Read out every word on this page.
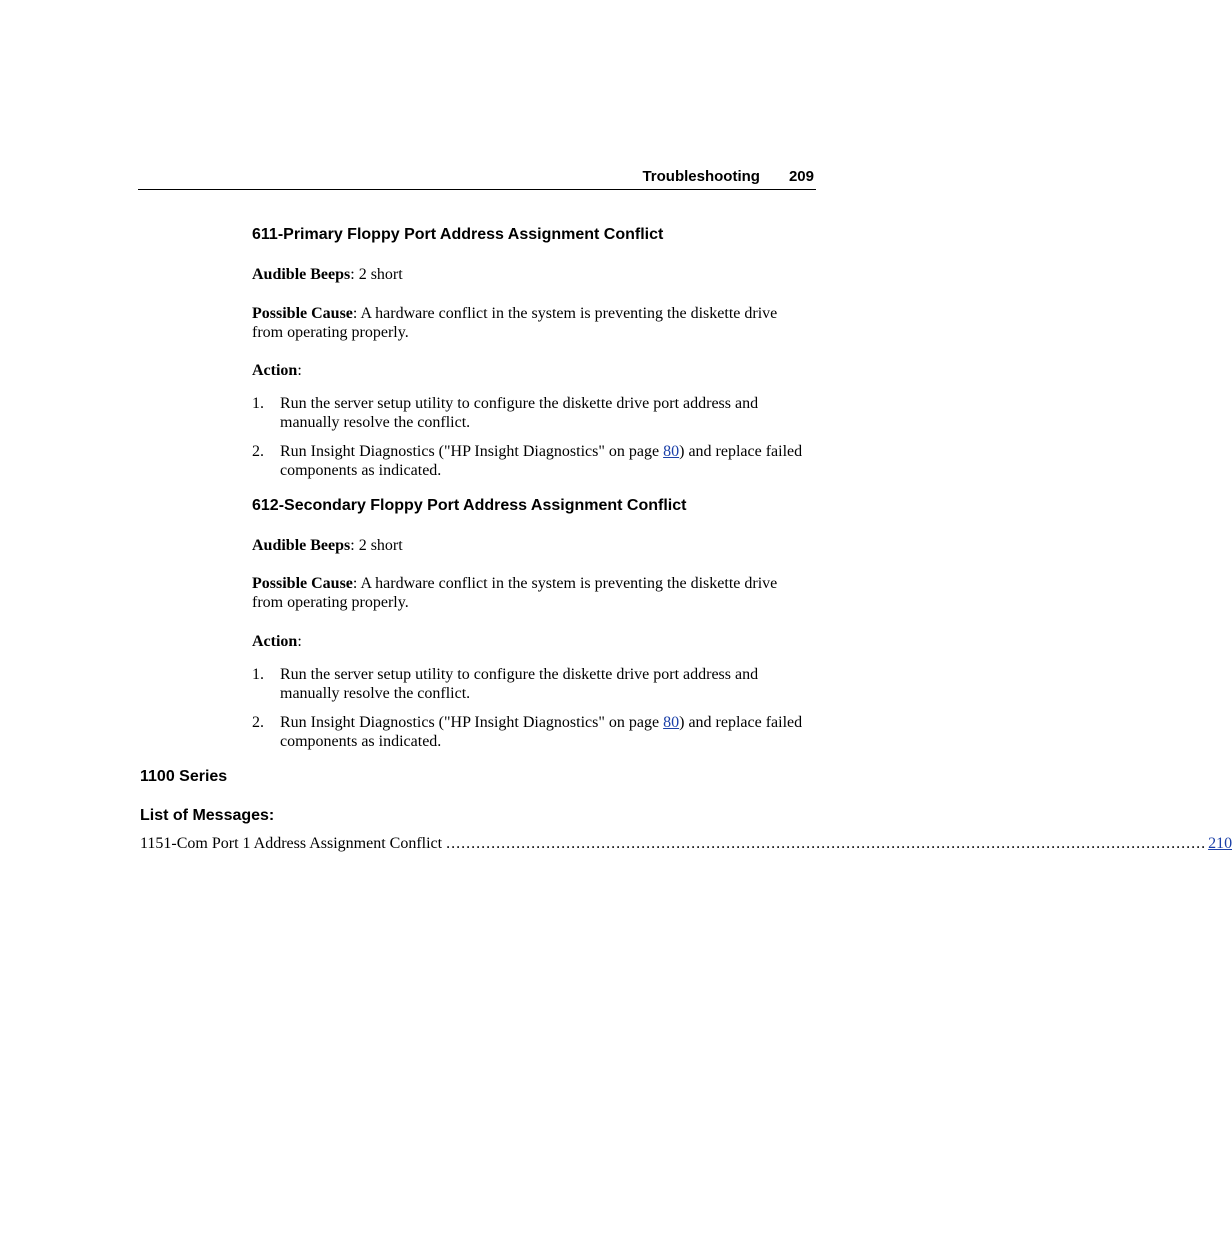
Troubleshooting 209
611-Primary Floppy Port Address Assignment Conflict

Audible Beeps: 2 short

Possible Cause: A hardware conflict in the system is preventing the diskette drive from operating properly.

Action:

1. Run the server setup utility to configure the diskette drive port address and manually resolve the conflict.
2. Run Insight Diagnostics ("HP Insight Diagnostics" on page 80) and replace failed components as indicated.
612-Secondary Floppy Port Address Assignment Conflict

Audible Beeps: 2 short

Possible Cause: A hardware conflict in the system is preventing the diskette drive from operating properly.

Action:

1. Run the server setup utility to configure the diskette drive port address and manually resolve the conflict.
2. Run Insight Diagnostics ("HP Insight Diagnostics" on page 80) and replace failed components as indicated.
1100 Series
List of Messages:
1151-Com Port 1 Address Assignment Conflict ........................................................................................................................................................ 210
